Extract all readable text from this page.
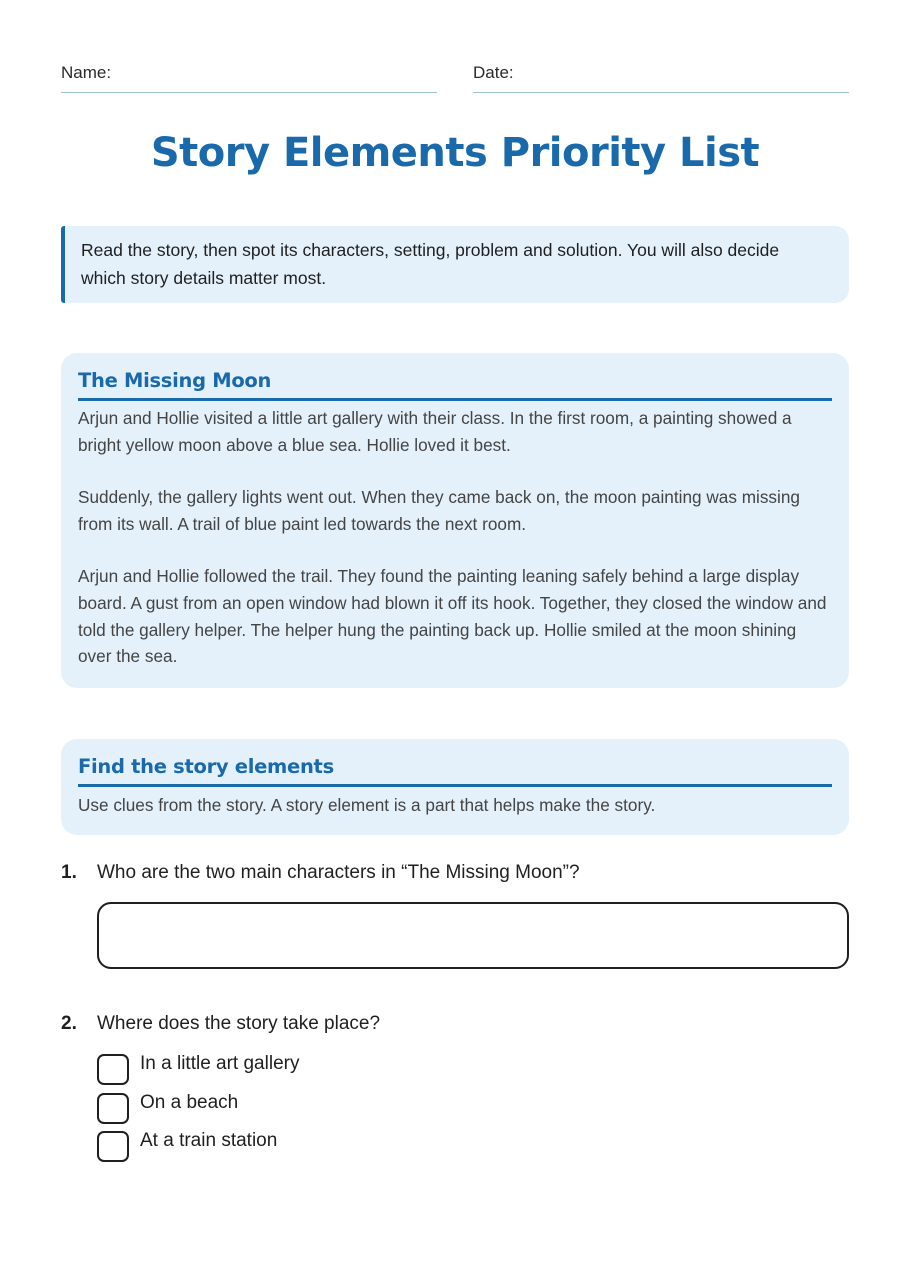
Name:	Date:
Story Elements Priority List
Read the story, then spot its characters, setting, problem and solution. You will also decide which story details matter most.
The Missing Moon

Arjun and Hollie visited a little art gallery with their class. In the first room, a painting showed a bright yellow moon above a blue sea. Hollie loved it best.

Suddenly, the gallery lights went out. When they came back on, the moon painting was missing from its wall. A trail of blue paint led towards the next room.

Arjun and Hollie followed the trail. They found the painting leaning safely behind a large display board. A gust from an open window had blown it off its hook. Together, they closed the window and told the gallery helper. The helper hung the painting back up. Hollie smiled at the moon shining over the sea.

Find the story elements

Use clues from the story. A story element is a part that helps make the story.

1. Who are the two main characters in “The Missing Moon”?
2. Where does the story take place?
In a little art gallery
On a beach
At a train station
